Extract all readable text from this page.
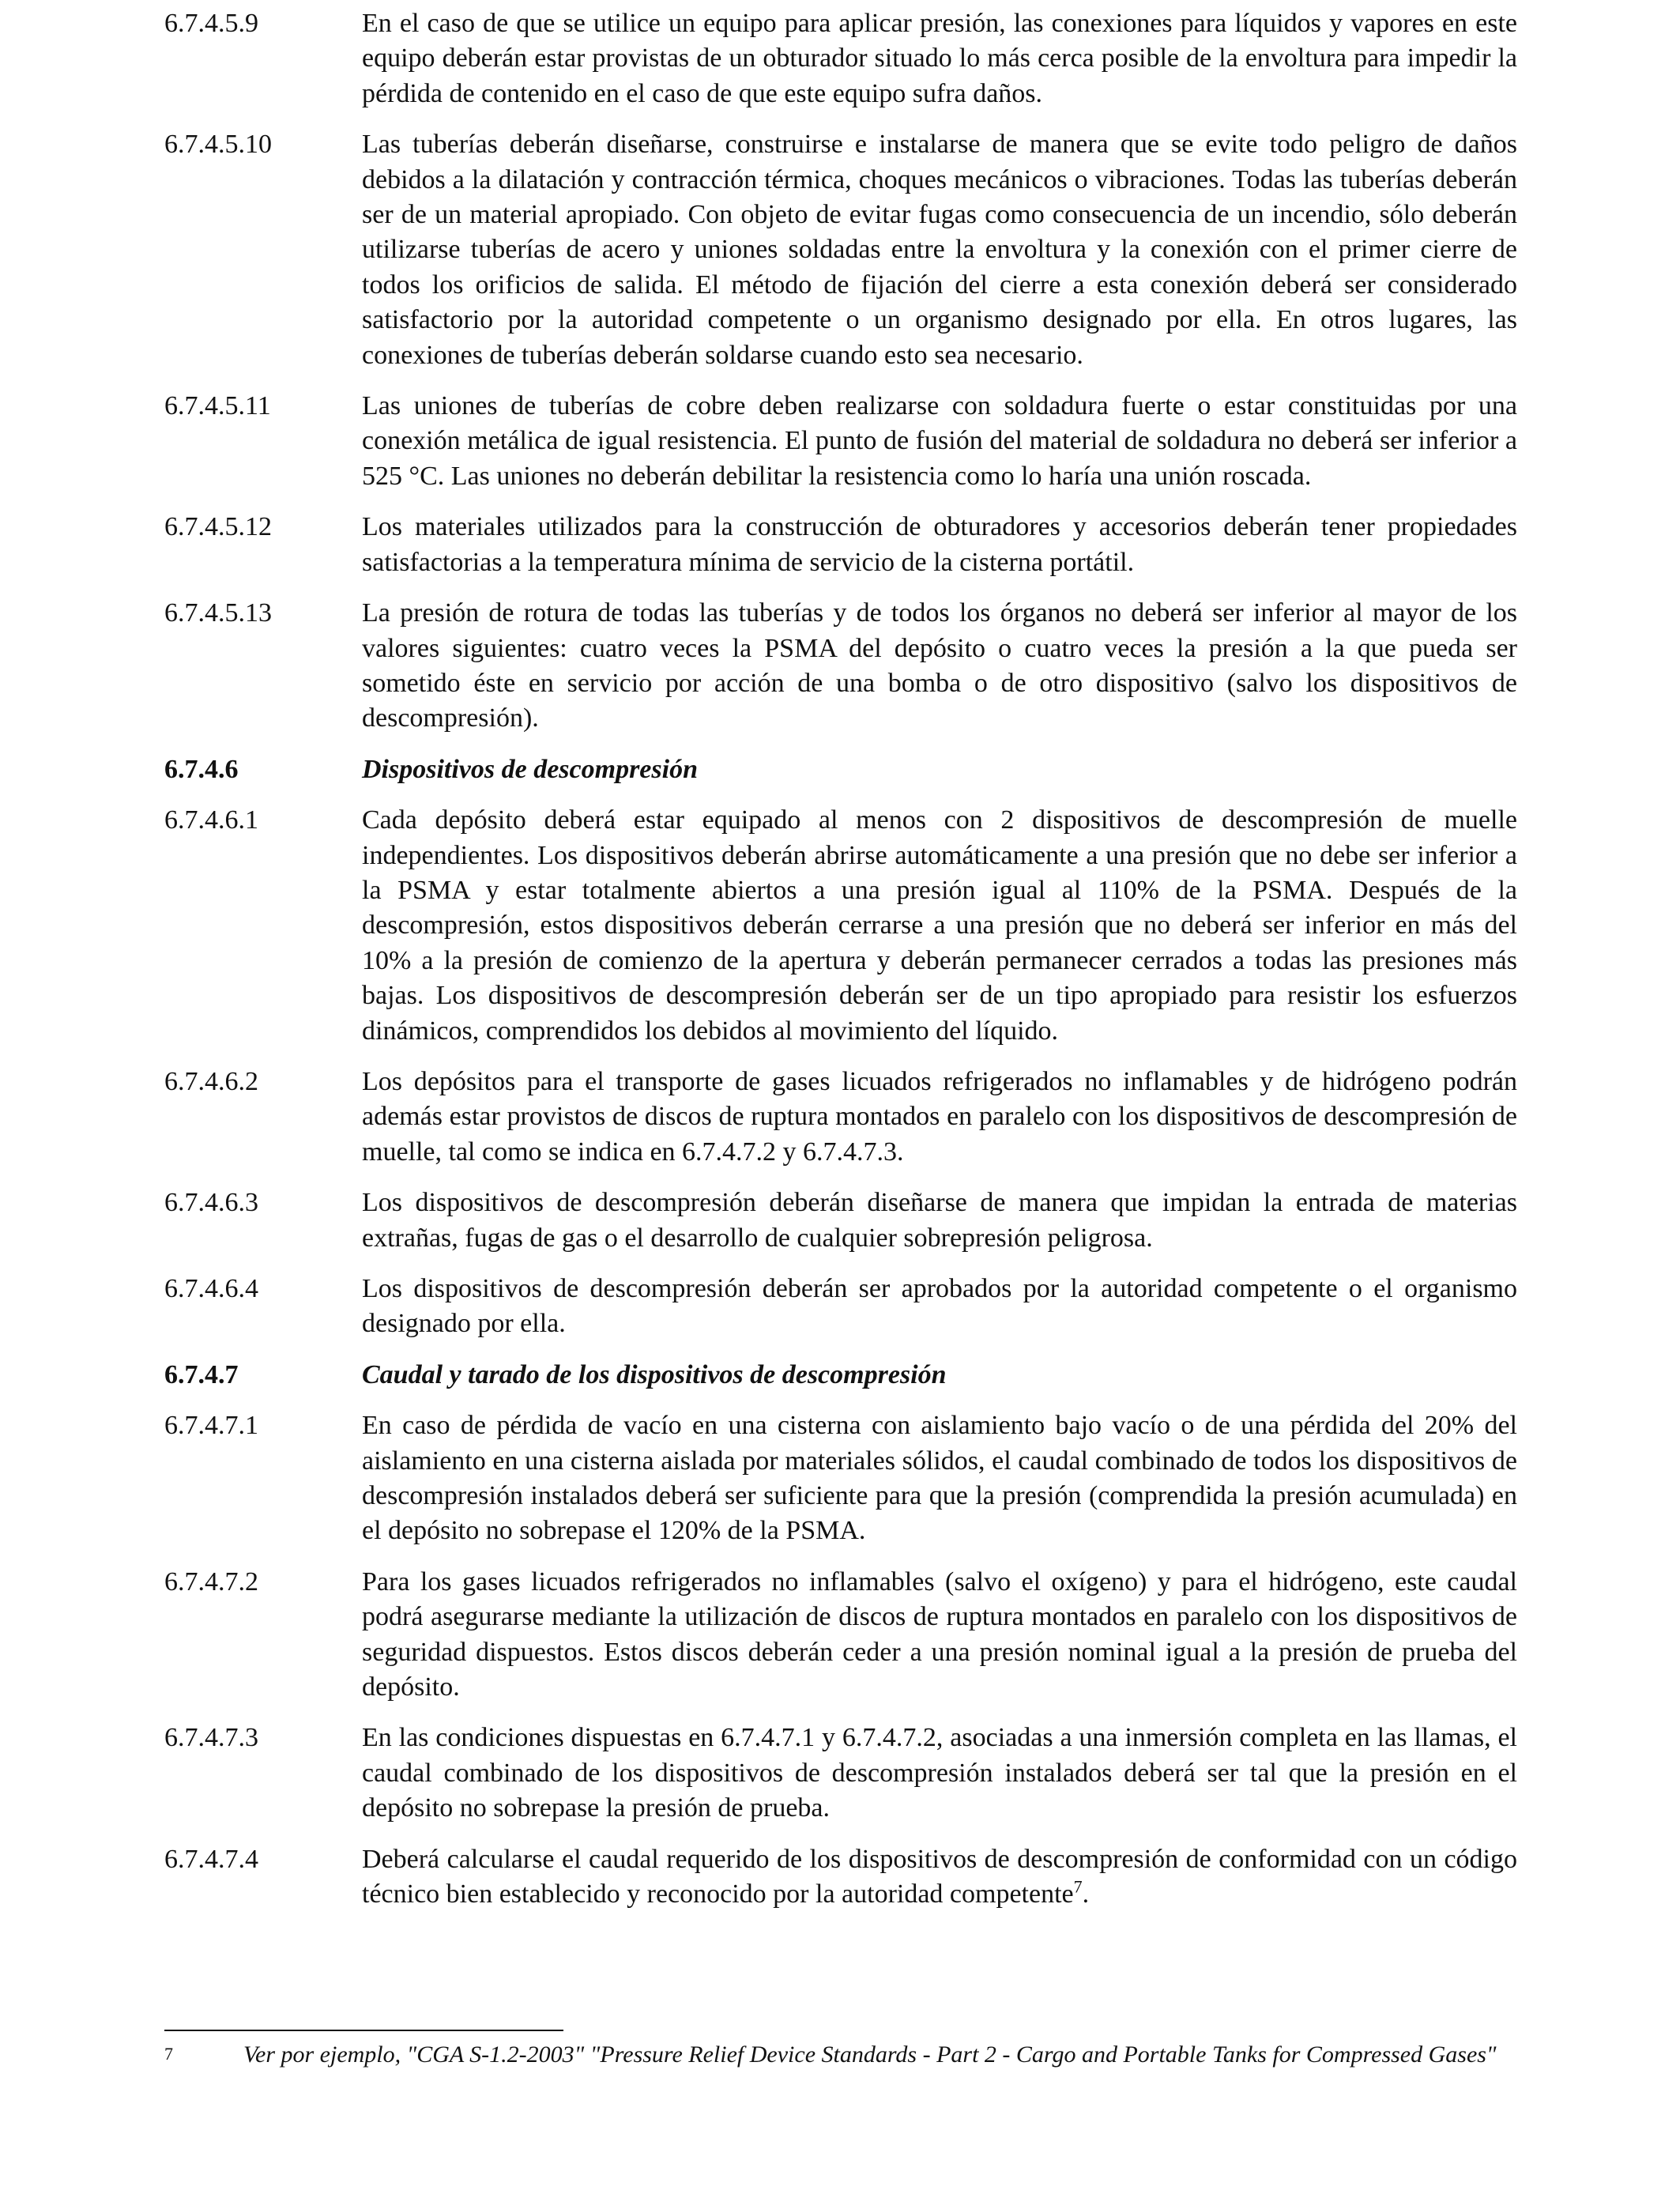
6.7.4.5.9	En el caso de que se utilice un equipo para aplicar presión, las conexiones para líquidos y vapores en este equipo deberán estar provistas de un obturador situado lo más cerca posible de la envoltura para impedir la pérdida de contenido en el caso de que este equipo sufra daños.
6.7.4.5.10	Las tuberías deberán diseñarse, construirse e instalarse de manera que se evite todo peligro de daños debidos a la dilatación y contracción térmica, choques mecánicos o vibraciones. Todas las tuberías deberán ser de un material apropiado. Con objeto de evitar fugas como consecuencia de un incendio, sólo deberán utilizarse tuberías de acero y uniones soldadas entre la envoltura y la conexión con el primer cierre de todos los orificios de salida. El método de fijación del cierre a esta conexión deberá ser considerado satisfactorio por la autoridad competente o un organismo designado por ella. En otros lugares, las conexiones de tuberías deberán soldarse cuando esto sea necesario.
6.7.4.5.11	Las uniones de tuberías de cobre deben realizarse con soldadura fuerte o estar constituidas por una conexión metálica de igual resistencia. El punto de fusión del material de soldadura no deberá ser inferior a 525 °C. Las uniones no deberán debilitar la resistencia como lo haría una unión roscada.
6.7.4.5.12	Los materiales utilizados para la construcción de obturadores y accesorios deberán tener propiedades satisfactorias a la temperatura mínima de servicio de la cisterna portátil.
6.7.4.5.13	La presión de rotura de todas las tuberías y de todos los órganos no deberá ser inferior al mayor de los valores siguientes: cuatro veces la PSMA del depósito o cuatro veces la presión a la que pueda ser sometido éste en servicio por acción de una bomba o de otro dispositivo (salvo los dispositivos de descompresión).
6.7.4.6	Dispositivos de descompresión
6.7.4.6.1	Cada depósito deberá estar equipado al menos con 2 dispositivos de descompresión de muelle independientes. Los dispositivos deberán abrirse automáticamente a una presión que no debe ser inferior a la PSMA y estar totalmente abiertos a una presión igual al 110% de la PSMA. Después de la descompresión, estos dispositivos deberán cerrarse a una presión que no deberá ser inferior en más del 10% a la presión de comienzo de la apertura y deberán permanecer cerrados a todas las presiones más bajas. Los dispositivos de descompresión deberán ser de un tipo apropiado para resistir los esfuerzos dinámicos, comprendidos los debidos al movimiento del líquido.
6.7.4.6.2	Los depósitos para el transporte de gases licuados refrigerados no inflamables y de hidrógeno podrán además estar provistos de discos de ruptura montados en paralelo con los dispositivos de descompresión de muelle, tal como se indica en 6.7.4.7.2 y 6.7.4.7.3.
6.7.4.6.3	Los dispositivos de descompresión deberán diseñarse de manera que impidan la entrada de materias extrañas, fugas de gas o el desarrollo de cualquier sobrepresión peligrosa.
6.7.4.6.4	Los dispositivos de descompresión deberán ser aprobados por la autoridad competente o el organismo designado por ella.
6.7.4.7	Caudal y tarado de los dispositivos de descompresión
6.7.4.7.1	En caso de pérdida de vacío en una cisterna con aislamiento bajo vacío o de una pérdida del 20% del aislamiento en una cisterna aislada por materiales sólidos, el caudal combinado de todos los dispositivos de descompresión instalados deberá ser suficiente para que la presión (comprendida la presión acumulada) en el depósito no sobrepase el 120% de la PSMA.
6.7.4.7.2	Para los gases licuados refrigerados no inflamables (salvo el oxígeno) y para el hidrógeno, este caudal podrá asegurarse mediante la utilización de discos de ruptura montados en paralelo con los dispositivos de seguridad dispuestos. Estos discos deberán ceder a una presión nominal igual a la presión de prueba del depósito.
6.7.4.7.3	En las condiciones dispuestas en 6.7.4.7.1 y 6.7.4.7.2, asociadas a una inmersión completa en las llamas, el caudal combinado de los dispositivos de descompresión instalados deberá ser tal que la presión en el depósito no sobrepase la presión de prueba.
6.7.4.7.4	Deberá calcularse el caudal requerido de los dispositivos de descompresión de conformidad con un código técnico bien establecido y reconocido por la autoridad competente$^7$.
7	Ver por ejemplo, "CGA S-1.2-2003" "Pressure Relief Device Standards - Part 2 - Cargo and Portable Tanks for Compressed Gases"
